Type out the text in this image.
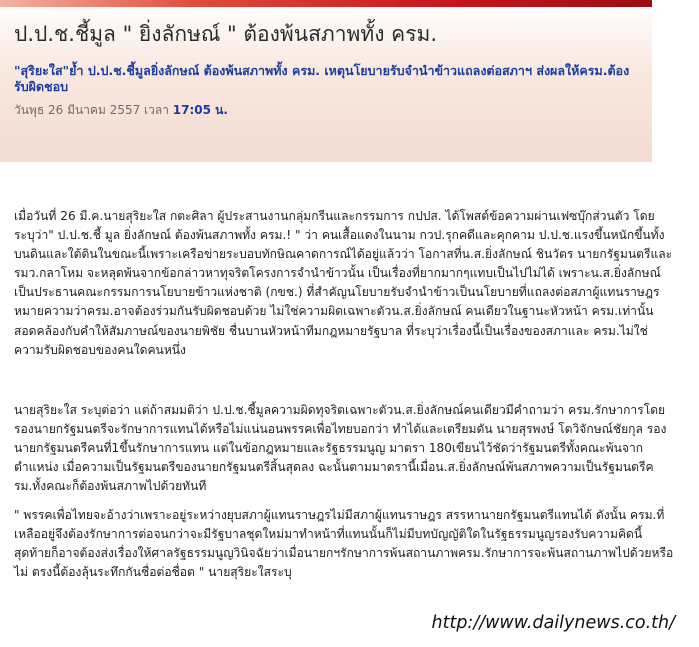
ป.ป.ช.ชี้มูล " ยิ่งลักษณ์ " ต้องพ้นสภาพทั้ง ครม.
"สุริยะใส"ย้ำ ป.ป.ช.ชี้มูลยิ่งลักษณ์ ต้องพ้นสภาพทั้ง ครม. เหตุนโยบายรับจำนำข้าวแถลงต่อสภาฯ ส่งผลให้ครม.ต้องรับผิดชอบ
วันพุธ 26 มีนาคม 2557 เวลา 17:05 น.
เมื่อวันที่ 26 มี.ค.นายสุริยะใส กตะศิลา ผู้ประสานงานกลุ่มกรีนและกรรมการ กปปส. ได้โพสต์ข้อความผ่านเฟซบุ๊กส่วนตัว โดยระบุว่า" ป.ป.ช.ชี้ มูล ยิ่งลักษณ์ ต้องพ้นสภาพทั้ง ครม.! " ว่า คนเสื้อแดงในนาม กวป.รุกคดีและคุกคาม ป.ป.ช.แรงขึ้นหนักขึ้นทั้งบนดินและใต้ดินในขณะนี้เพราะเครือข่ายระบอบทักษิณคาดการณ์ได้อยู่แล้วว่า โอกาสที่น.ส.ยิ่งลักษณ์ ชินวัตร นายกรัฐมนตรีและรมว.กลาโหม จะหลุดพ้นจากข้อกล่าวหาทุจริตโครงการจำนำข้าวนั้น เป็นเรื่องที่ยากมากๆแทบเป็นไปไม่ได้ เพราะน.ส.ยิ่งลักษณ์ เป็นประธานคณะกรรมการนโยบายข้าวแห่งชาติ (กขช.) ที่สำคัญนโยบายรับจำนำข้าวเป็นนโยบายที่แถลงต่อสภาผู้แทนราษฎร หมายความว่าครม.อาจต้องร่วมกันรับผิดชอบด้วย ไม่ใช่ความผิดเฉพาะตัวน.ส.ยิ่งลักษณ์ คนเดียวในฐานะหัวหน้า ครม.เท่านั้น สอดคล้องกับคำให้สัมภาษณ์ของนายพิชัย ชื่นบานหัวหน้าทีมกฎหมายรัฐบาล ที่ระบุว่าเรื่องนี้เป็นเรื่องของสภาและ ครม.ไม่ใช่ความรับผิดชอบของคนใดคนหนึ่ง
นายสุริยะใส ระบุต่อว่า แต่ถ้าสมมติว่า ป.ป.ช.ชี้มูลความผิดทุจริตเฉพาะตัวน.ส.ยิ่งลักษณ์คนเดียวมีคำถามว่า ครม.รักษาการโดยรองนายกรัฐมนตรีจะรักษาการแทนได้หรือไม่แน่นอนพรรคเพื่อไทยบอกว่า ทำได้และเตรียมดัน นายสุรพงษ์ โตวิจักษณ์ชัยกุล รองนายกรัฐมนตรีคนที่1ขึ้นรักษาการแทน แต่ในข้อกฎหมายและรัฐธรรมนูญ มาตรา 180เขียนไว้ชัดว่ารัฐมนตรีทั้งคณะพ้นจากตำแหน่ง เมื่อความเป็นรัฐมนตรีของนายกรัฐมนตรีสิ้นสุดลง ฉะนั้นตามมาตรานี้เมื่อน.ส.ยิ่งลักษณ์พ้นสภาพความเป็นรัฐมนตรีครม.ทั้งคณะก็ต้องพ้นสภาพไปด้วยทันที
" พรรคเพื่อไทยจะอ้างว่าเพราะอยู่ระหว่างยุบสภาผู้แทนราษฎรไม่มีสภาผู้แทนราษฎร สรรหานายกรัฐมนตรีแทนได้ ดังนั้น ครม.ที่เหลืออยู่จึงต้องรักษาการต่อจนกว่าจะมีรัฐบาลชุดใหม่มาทำหน้าที่แทนนั้นก็ไม่มีบทบัญญัติใดในรัฐธรรมนูญรองรับความคิดนี้ สุดท้ายก็อาจต้องส่งเรื่องให้ศาลรัฐธรรมนูญวินิจฉัยว่าเมื่อนายกฯรักษาการพ้นสถานภาพครม.รักษาการจะพ้นสถานภาพไปด้วยหรือไม่ ตรงนี้ต้องลุ้นระทึกกันชื่อต่อชื่อต " นายสุริยะใสระบุ
http://www.dailynews.co.th/
